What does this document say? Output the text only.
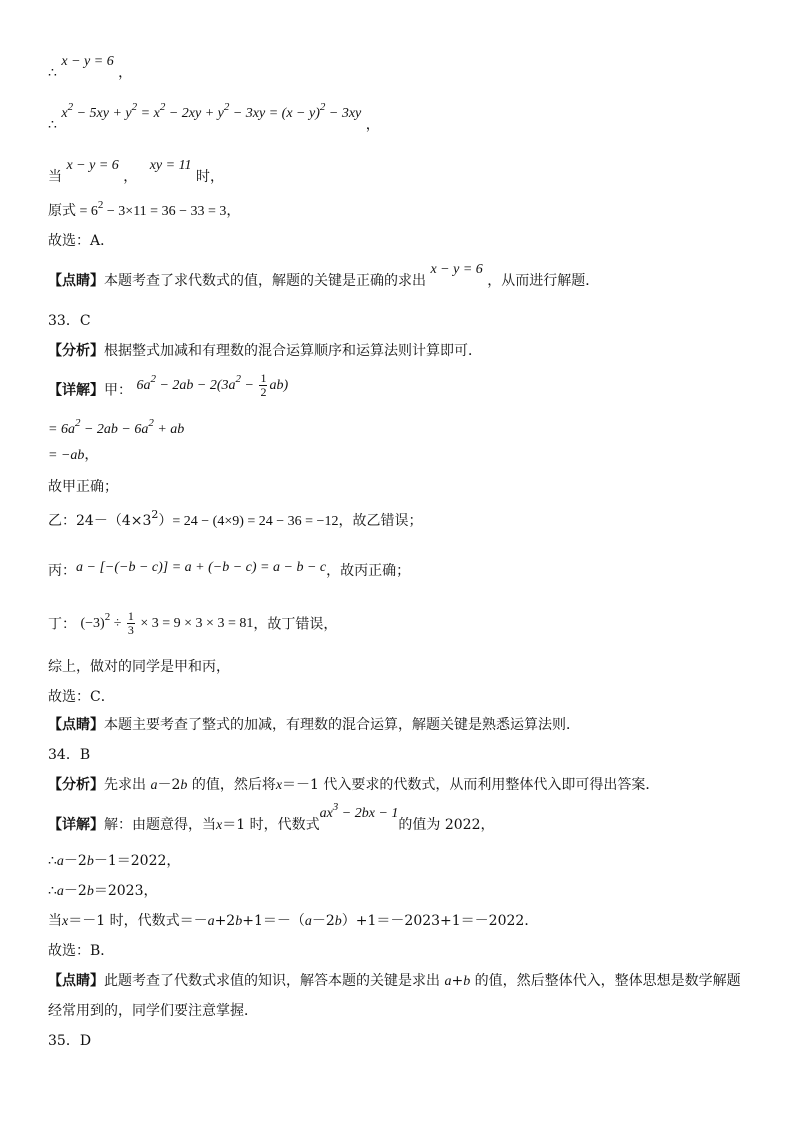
∴ x − y = 6 ，
∴ x2 − 5xy + y2 = x2 − 2xy + y2 − 3xy = (x − y)2 − 3xy ，
当 x − y = 6 ， xy = 11 时，
原式 = 62 − 3×11 = 36 − 33 = 3，
故选：A．
【点睛】本题考查了求代数式的值，解题的关键是正确的求出 x − y = 6 ，从而进行解题．
33．C
【分析】根据整式加减和有理数的混合运算顺序和运算法则计算即可．
【详解】甲： $6a2 - 2ab - 2(3a2 - \frac{1}{2} ab)$
= 6a2 − 2ab − 6a2 + ab
= −ab，
故甲正确；
乙：24－（4×32）= 24 − (4×9) = 24 − 36 = −12，故乙错误；
丙：a − [−(−b − c)] = a + (−b − c) = a − b − c，故丙正确；
丁： $(-3)2 \div \frac{1}{3} \times 3 = 9 \times 3 \times 3 = 81$，故丁错误，
综上，做对的同学是甲和丙，
故选：C．
【点睛】本题主要考查了整式的加减，有理数的混合运算，解题关键是熟悉运算法则．
34．B
【分析】先求出 a－2b 的值，然后将x＝－1 代入要求的代数式，从而利用整体代入即可得出答案．
【详解】解：由题意得，当x＝1 时，代数式ax3 − 2bx − 1的值为 2022，
∴a－2b－1＝2022，
∴a－2b＝2023，
当x＝－1 时，代数式＝－a+2b+1＝－（a－2b）+1＝－2023+1＝－2022．
故选：B．
【点睛】此题考查了代数式求值的知识，解答本题的关键是求出 a+b 的值，然后整体代入，整体思想是数学解题
经常用到的，同学们要注意掌握．
35．D
